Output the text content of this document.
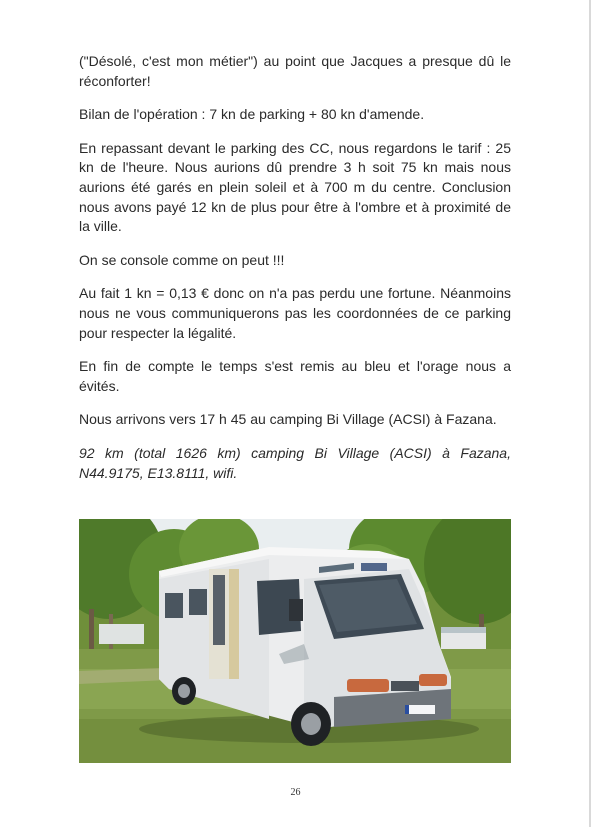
("Désolé, c'est mon métier") au point que Jacques a presque dû le réconforter!

Bilan de l'opération : 7 kn de parking + 80 kn d'amende.

En repassant devant le parking des CC, nous regardons le tarif : 25 kn de l'heure. Nous aurions dû prendre 3 h soit 75 kn mais nous aurions été garés en plein soleil et à 700 m du centre. Conclusion nous avons payé 12 kn de plus pour être à l'ombre et à proximité de la ville.

On se console comme on peut !!!

Au fait 1 kn = 0,13 € donc on n'a pas perdu une fortune. Néanmoins nous ne vous communiquerons pas les coordonnées de ce parking pour respecter la légalité.

En fin de compte le temps s'est remis au bleu et l'orage nous a évités.

Nous arrivons vers 17 h 45 au camping Bi Village (ACSI) à Fazana.

92 km (total 1626 km) camping Bi Village (ACSI) à Fazana, N44.9175, E13.8111, wifi.

26
